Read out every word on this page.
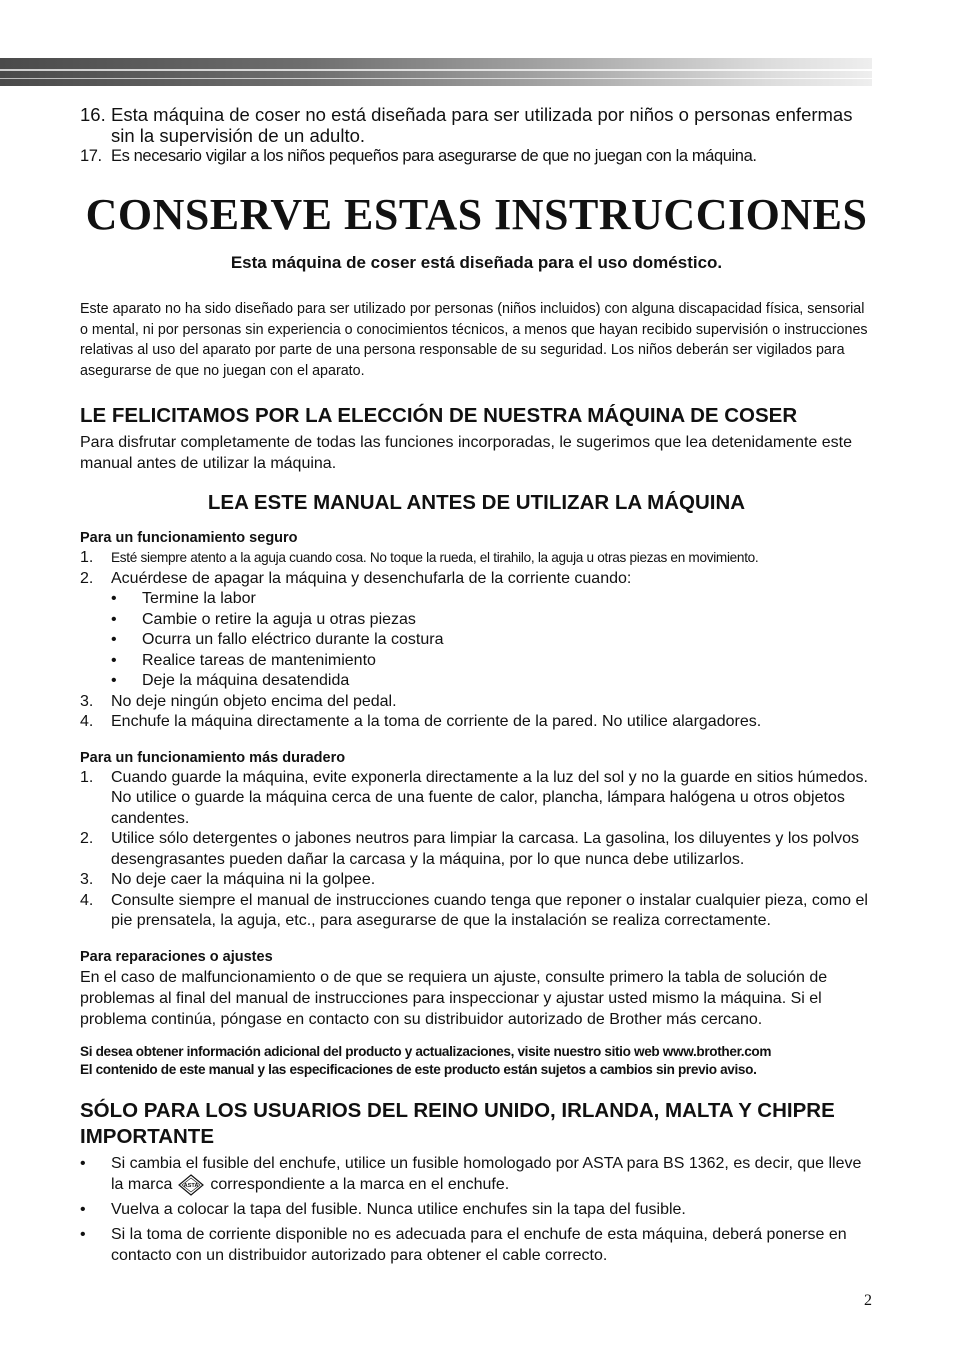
16. Esta máquina de coser no está diseñada para ser utilizada por niños o personas enfermas sin la supervisión de un adulto.
17. Es necesario vigilar a los niños pequeños para asegurarse de que no juegan con la máquina.
CONSERVE ESTAS INSTRUCCIONES
Esta máquina de coser está diseñada para el uso doméstico.
Este aparato no ha sido diseñado para ser utilizado por personas (niños incluidos) con alguna discapacidad física, sensorial o mental, ni por personas sin experiencia o conocimientos técnicos, a menos que hayan recibido supervisión o instrucciones relativas al uso del aparato por parte de una persona responsable de su seguridad. Los niños deberán ser vigilados para asegurarse de que no juegan con el aparato.
LE FELICITAMOS POR LA ELECCIÓN DE NUESTRA MÁQUINA DE COSER
Para disfrutar completamente de todas las funciones incorporadas, le sugerimos que lea detenidamente este manual antes de utilizar la máquina.
LEA ESTE MANUAL ANTES DE UTILIZAR LA MÁQUINA
Para un funcionamiento seguro
1.	Esté siempre atento a la aguja cuando cosa. No toque la rueda, el tirahilo, la aguja u otras piezas en movimiento.
2.	Acuérdese de apagar la máquina y desenchufarla de la corriente cuando:
•	Termine la labor
•	Cambie o retire la aguja u otras piezas
•	Ocurra un fallo eléctrico durante la costura
•	Realice tareas de mantenimiento
•	Deje la máquina desatendida
3.	No deje ningún objeto encima del pedal.
4.	Enchufe la máquina directamente a la toma de corriente de la pared. No utilice alargadores.
Para un funcionamiento más duradero
1.	Cuando guarde la máquina, evite exponerla directamente a la luz del sol y no la guarde en sitios húmedos. No utilice o guarde la máquina cerca de una fuente de calor, plancha, lámpara halógena u otros objetos candentes.
2.	Utilice sólo detergentes o jabones neutros para limpiar la carcasa. La gasolina, los diluyentes y los polvos desengrasantes pueden dañar la carcasa y la máquina, por lo que nunca debe utilizarlos.
3.	No deje caer la máquina ni la golpee.
4.	Consulte siempre el manual de instrucciones cuando tenga que reponer o instalar cualquier pieza, como el pie prensatela, la aguja, etc., para asegurarse de que la instalación se realiza correctamente.
Para reparaciones o ajustes
En el caso de malfuncionamiento o de que se requiera un ajuste, consulte primero la tabla de solución de problemas al final del manual de instrucciones para inspeccionar y ajustar usted mismo la máquina. Si el problema continúa, póngase en contacto con su distribuidor autorizado de Brother más cercano.
Si desea obtener información adicional del producto y actualizaciones, visite nuestro sitio web www.brother.com
El contenido de este manual y las especificaciones de este producto están sujetos a cambios sin previo aviso.
SÓLO PARA LOS USUARIOS DEL REINO UNIDO, IRLANDA, MALTA Y CHIPRE
IMPORTANTE
•	Si cambia el fusible del enchufe, utilice un fusible homologado por ASTA para BS 1362, es decir, que lleve la marca ASTA correspondiente a la marca en el enchufe.
•	Vuelva a colocar la tapa del fusible. Nunca utilice enchufes sin la tapa del fusible.
•	Si la toma de corriente disponible no es adecuada para el enchufe de esta máquina, deberá ponerse en contacto con un distribuidor autorizado para obtener el cable correcto.
2
